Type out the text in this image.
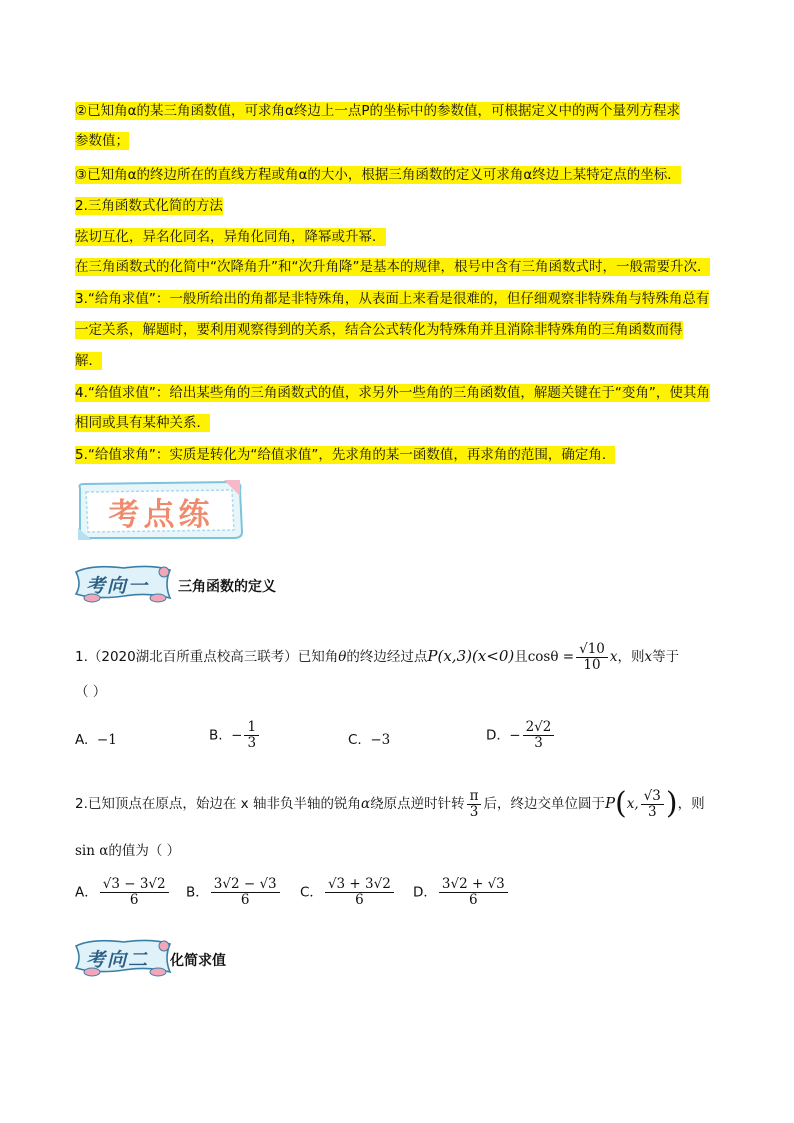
②已知角α的某三角函数值，可求角α终边上一点P的坐标中的参数值，可根据定义中的两个量列方程求
参数值；
③已知角α的终边所在的直线方程或角α的大小，根据三角函数的定义可求角α终边上某特定点的坐标．
2.三角函数式化简的方法
弦切互化，异名化同名，异角化同角，降幂或升幂．
在三角函数式的化简中“次降角升”和“次升角降”是基本的规律，根号中含有三角函数式时，一般需要升次．
3.“给角求值”：一般所给出的角都是非特殊角，从表面上来看是很难的，但仔细观察非特殊角与特殊角总有
一定关系，解题时，要利用观察得到的关系，结合公式转化为特殊角并且消除非特殊角的三角函数而得
解．
4.“给值求值”：给出某些角的三角函数式的值，求另外一些角的三角函数值，解题关键在于“变角”，使其角
相同或具有某种关系．
5.“给值求角”：实质是转化为“给值求值”，先求角的某一函数值，再求角的范围，确定角．
考点练
考向一 三角函数的定义
1.（2020湖北百所重点校高三联考）已知角θ的终边经过点P(x,3)(x<0)且$\cos\theta = \frac{√10}{10}$ x，则x等于
（ ）
A. −1	B. − $\frac{1}{3}$	C. −3	D. − $\frac{2√2}{3}$
2.已知顶点在原点，始边在 x 轴非负半轴的锐角α绕原点逆时针转 $\frac{\pi}{3}$ 后，终边交单位圆于P(x, $\frac{√3}{3}$ )，则
sin α的值为（ ）
A． $\frac{√3 - 3√2}{6}$ B． $\frac{3√2 - √3}{6}$ C． $\frac{√3 + 3√2}{6}$ D． $\frac{3√2 + √3}{6}$
考向二 化简求值
